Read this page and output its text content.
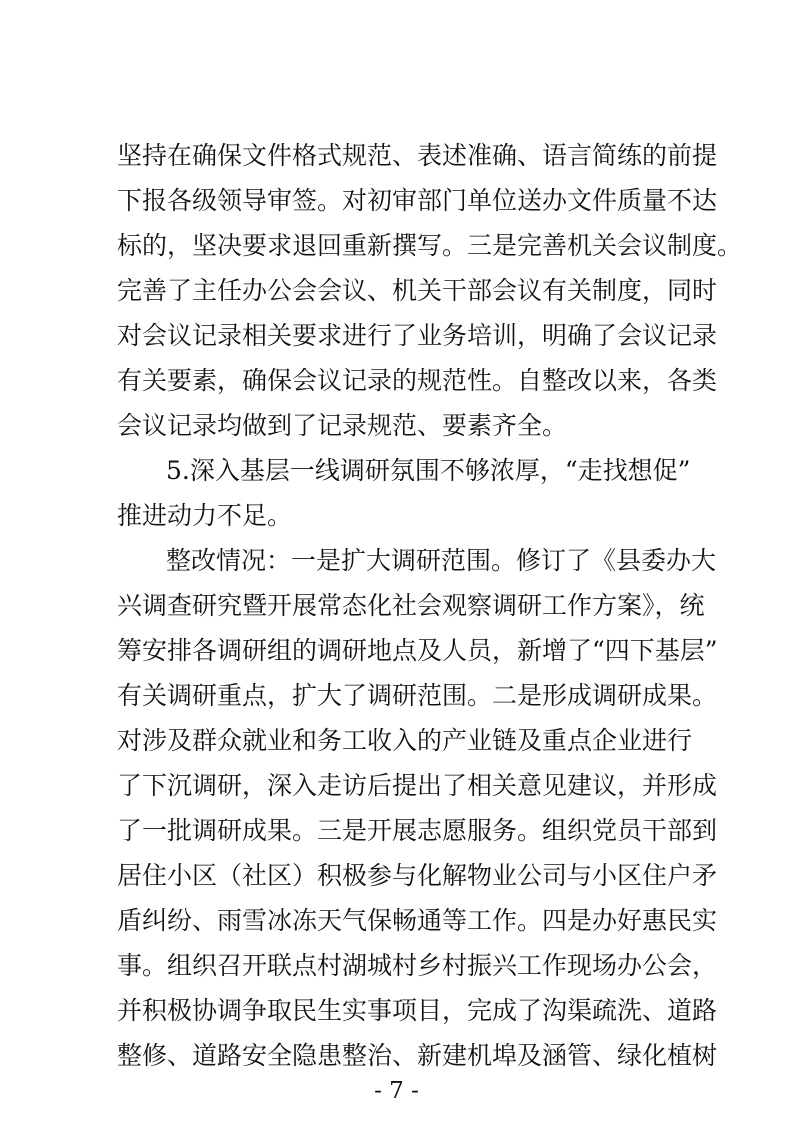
坚持在确保文件格式规范、表述准确、语言简练的前提
下报各级领导审签。对初审部门单位送办文件质量不达
标的，坚决要求退回重新撰写。三是完善机关会议制度。
完善了主任办公会会议、机关干部会议有关制度，同时
对会议记录相关要求进行了业务培训，明确了会议记录
有关要素，确保会议记录的规范性。自整改以来，各类
会议记录均做到了记录规范、要素齐全。
5.深入基层一线调研氛围不够浓厚，“走找想促”
推进动力不足。
整改情况：一是扩大调研范围。修订了《县委办大
兴调查研究暨开展常态化社会观察调研工作方案》，统
筹安排各调研组的调研地点及人员，新增了“四下基层”
有关调研重点，扩大了调研范围。二是形成调研成果。
对涉及群众就业和务工收入的产业链及重点企业进行
了下沉调研，深入走访后提出了相关意见建议，并形成
了一批调研成果。三是开展志愿服务。组织党员干部到
居住小区（社区）积极参与化解物业公司与小区住户矛
盾纠纷、雨雪冰冻天气保畅通等工作。四是办好惠民实
事。组织召开联点村湖城村乡村振兴工作现场办公会，
并积极协调争取民生实事项目，完成了沟渠疏洗、道路
整修、道路安全隐患整治、新建机埠及涵管、绿化植树
- 7 -
